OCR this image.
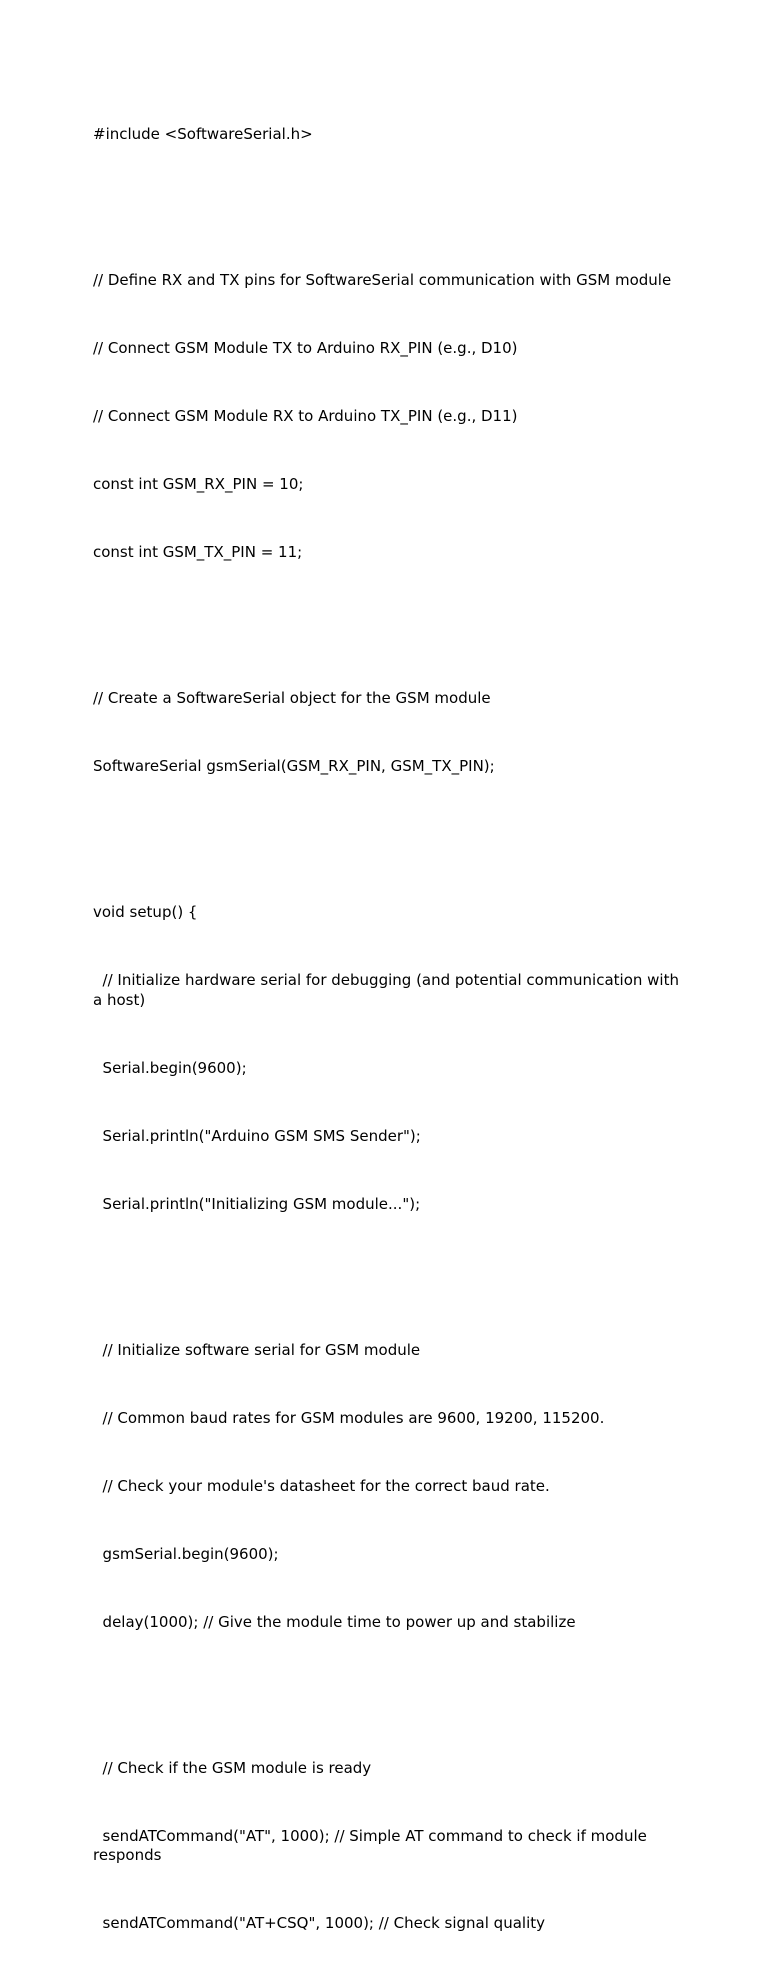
#include <SoftwareSerial.h>

// Define RX and TX pins for SoftwareSerial communication with GSM module

// Connect GSM Module TX to Arduino RX_PIN (e.g., D10)

// Connect GSM Module RX to Arduino TX_PIN (e.g., D11)

const int GSM_RX_PIN = 10;

const int GSM_TX_PIN = 11;

// Create a SoftwareSerial object for the GSM module

SoftwareSerial gsmSerial(GSM_RX_PIN, GSM_TX_PIN);

void setup() {

// Initialize hardware serial for debugging (and potential communication with a host)

Serial.begin(9600);

Serial.println("Arduino GSM SMS Sender");

Serial.println("Initializing GSM module...");

// Initialize software serial for GSM module

// Common baud rates for GSM modules are 9600, 19200, 115200.

// Check your module's datasheet for the correct baud rate.

gsmSerial.begin(9600);

delay(1000); // Give the module time to power up and stabilize

// Check if the GSM module is ready

sendATCommand("AT", 1000); // Simple AT command to check if module responds

sendATCommand("AT+CSQ", 1000); // Check signal quality
